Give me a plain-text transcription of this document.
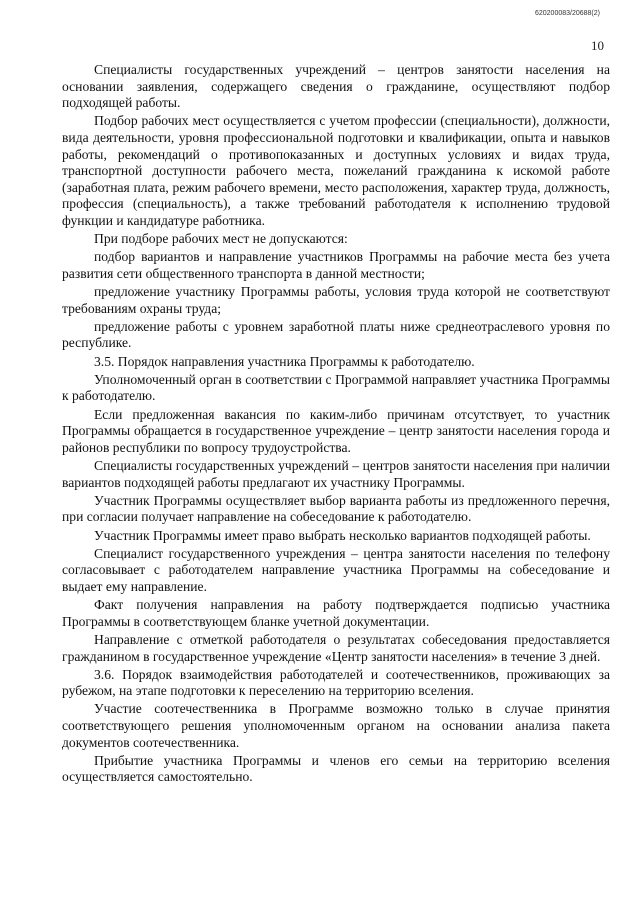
620200083/20688(2)
10

Специалисты государственных учреждений – центров занятости населения на основании заявления, содержащего сведения о гражданине, осуществляют подбор подходящей работы.

Подбор рабочих мест осуществляется с учетом профессии (специальности), должности, вида деятельности, уровня профессиональной подготовки и квалификации, опыта и навыков работы, рекомендаций о противопоказанных и доступных условиях и видах труда, транспортной доступности рабочего места, пожеланий гражданина к искомой работе (заработная плата, режим рабочего времени, место расположения, характер труда, должность, профессия (специальность), а также требований работодателя к исполнению трудовой функции и кандидатуре работника.

При подборе рабочих мест не допускаются:

подбор вариантов и направление участников Программы на рабочие места без учета развития сети общественного транспорта в данной местности;

предложение участнику Программы работы, условия труда которой не соответствуют требованиям охраны труда;

предложение работы с уровнем заработной платы ниже среднеотраслевого уровня по республике.

3.5. Порядок направления участника Программы к работодателю.

Уполномоченный орган в соответствии с Программой направляет участника Программы к работодателю.

Если предложенная вакансия по каким-либо причинам отсутствует, то участник Программы обращается в государственное учреждение – центр занятости населения города и районов республики по вопросу трудоустройства.

Специалисты государственных учреждений – центров занятости населения при наличии вариантов подходящей работы предлагают их участнику Программы.

Участник Программы осуществляет выбор варианта работы из предложенного перечня, при согласии получает направление на собеседование к работодателю.

Участник Программы имеет право выбрать несколько вариантов подходящей работы.

Специалист государственного учреждения – центра занятости населения по телефону согласовывает с работодателем направление участника Программы на собеседование и выдает ему направление.

Факт получения направления на работу подтверждается подписью участника Программы в соответствующем бланке учетной документации.

Направление с отметкой работодателя о результатах собеседования предоставляется гражданином в государственное учреждение «Центр занятости населения» в течение 3 дней.

3.6. Порядок взаимодействия работодателей и соотечественников, проживающих за рубежом, на этапе подготовки к переселению на территорию вселения.

Участие соотечественника в Программе возможно только в случае принятия соответствующего решения уполномоченным органом на основании анализа пакета документов соотечественника.

Прибытие участника Программы и членов его семьи на территорию вселения осуществляется самостоятельно.
